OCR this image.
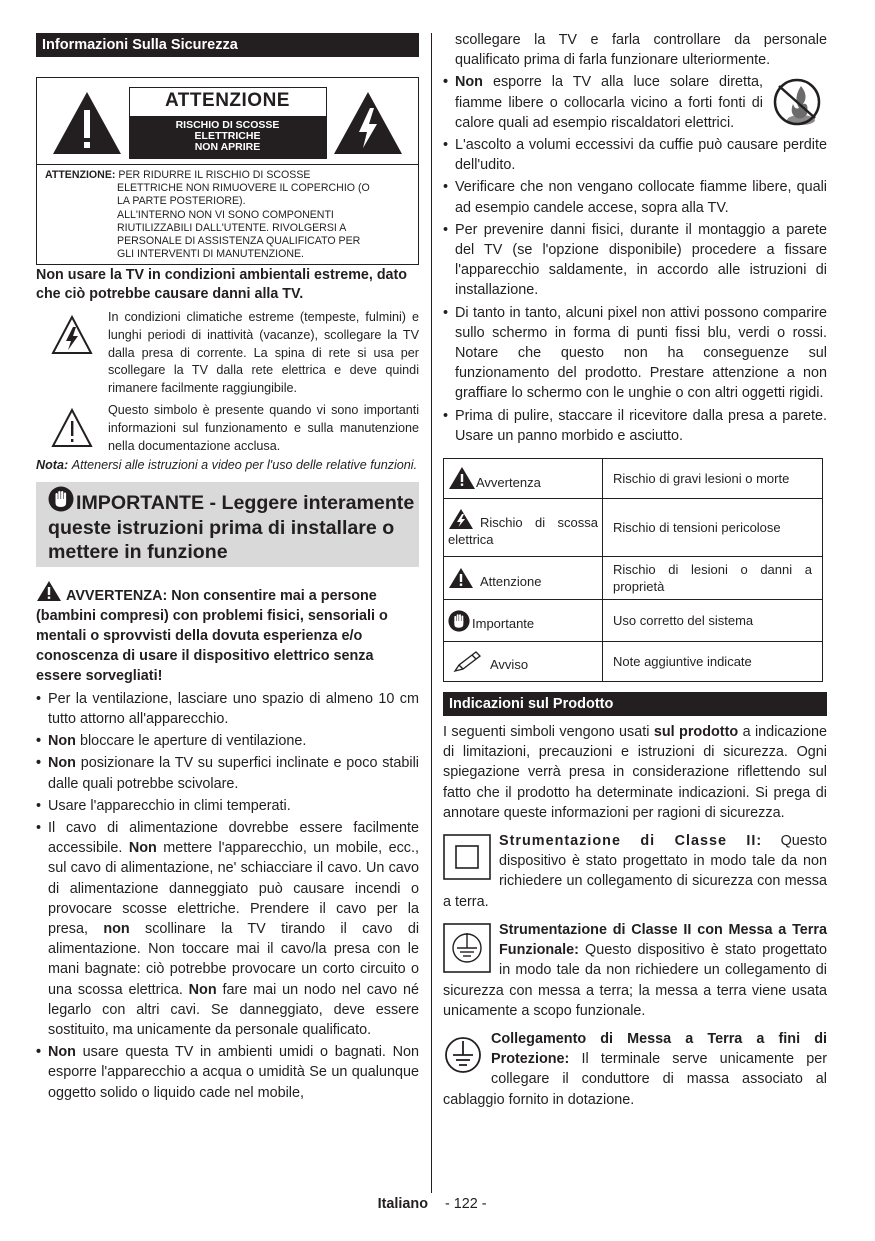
Informazioni Sulla Sicurezza
ATTENZIONE
RISCHIO DI SCOSSE
ELETTRICHE
NON APRIRE
ATTENZIONE: PER RIDURRE IL RISCHIO DI SCOSSE
ELETTRICHE NON RIMUOVERE IL COPERCHIO (O
LA PARTE POSTERIORE).
ALL'INTERNO NON VI SONO COMPONENTI
RIUTILIZZABILI DALL'UTENTE. RIVOLGERSI A
PERSONALE DI ASSISTENZA QUALIFICATO PER
GLI INTERVENTI DI MANUTENZIONE.

Non usare la TV in condizioni ambientali estreme, dato che ciò potrebbe causare danni alla TV.

In condizioni climatiche estreme (tempeste, fulmini) e lunghi periodi di inattività (vacanze), scollegare la TV dalla presa di corrente. La spina di rete si usa per scollegare la TV dalla rete elettrica e deve quindi rimanere facilmente raggiungibile.

Questo simbolo è presente quando vi sono importanti informazioni sul funzionamento e sulla manutenzione nella documentazione acclusa.

Nota: Attenersi alle istruzioni a video per l'uso delle relative funzioni.

IMPORTANTE - Leggere interamente queste istruzioni prima di installare o mettere in funzione

AVVERTENZA: Non consentire mai a persone (bambini compresi) con problemi fisici, sensoriali o mentali o sprovvisti della dovuta esperienza e/o conoscenza di usare il dispositivo elettrico senza essere sorvegliati!

• Per la ventilazione, lasciare uno spazio di almeno 10 cm tutto attorno all'apparecchio.
• Non bloccare le aperture di ventilazione.
• Non posizionare la TV su superfici inclinate e poco stabili dalle quali potrebbe scivolare.
• Usare l'apparecchio in climi temperati.
• Il cavo di alimentazione dovrebbe essere facilmente accessibile. Non mettere l'apparecchio, un mobile, ecc., sul cavo di alimentazione, ne' schiacciare il cavo. Un cavo di alimentazione danneggiato può causare incendi o provocare scosse elettriche. Prendere il cavo per la presa, non scollinare la TV tirando il cavo di alimentazione. Non toccare mai il cavo/la presa con le mani bagnate: ciò potrebbe provocare un corto circuito o una scossa elettrica. Non fare mai un nodo nel cavo né legarlo con altri cavi. Se danneggiato, deve essere sostituito, ma unicamente da personale qualificato.
• Non usare questa TV in ambienti umidi o bagnati. Non esporre l'apparecchio a acqua o umidità Se un qualunque oggetto solido o liquido cade nel mobile,

scollegare la TV e farla controllare da personale qualificato prima di farla funzionare ulteriormente.

• Non esporre la TV alla luce solare diretta, fiamme libere o collocarla vicino a forti fonti di calore quali ad esempio riscaldatori elettrici.
• L'ascolto a volumi eccessivi da cuffie può causare perdite dell'udito.
• Verificare che non vengano collocate fiamme libere, quali ad esempio candele accese, sopra alla TV.
• Per prevenire danni fisici, durante il montaggio a parete del TV (se l'opzione disponibile) procedere a fissare l'apparecchio saldamente, in accordo alle istruzioni di installazione.
• Di tanto in tanto, alcuni pixel non attivi possono comparire sullo schermo in forma di punti fissi blu, verdi o rossi. Notare che questo non ha conseguenze sul funzionamento del prodotto. Prestare attenzione a non graffiare lo schermo con le unghie o con altri oggetti rigidi.
• Prima di pulire, staccare il ricevitore dalla presa a parete. Usare un panno morbido e asciutto.
Avvertenza	Rischio di gravi lesioni o morte

Rischio di scossa elettrica	Rischio di tensioni pericolose

Attenzione	Rischio di lesioni o danni a proprietà

Importante	Uso corretto del sistema

Avviso	Note aggiuntive indicate
Indicazioni sul Prodotto

I seguenti simboli vengono usati sul prodotto a indicazione di limitazioni, precauzioni e istruzioni di sicurezza. Ogni spiegazione verrà presa in considerazione riflettendo sul fatto che il prodotto ha determinate indicazioni. Si prega di annotare queste informazioni per ragioni di sicurezza.

Strumentazione di Classe II: Questo dispositivo è stato progettato in modo tale da non richiedere un collegamento di sicurezza con messa a terra.
Strumentazione di Classe II con Messa a Terra Funzionale: Questo dispositivo è stato progettato in modo tale da non richiedere un collegamento di sicurezza con messa a terra; la messa a terra viene usata unicamente a scopo funzionale.
Collegamento di Messa a Terra a fini di Protezione: Il terminale serve unicamente per collegare il conduttore di massa associato al cablaggio fornito in dotazione.
Italiano - 122 -
